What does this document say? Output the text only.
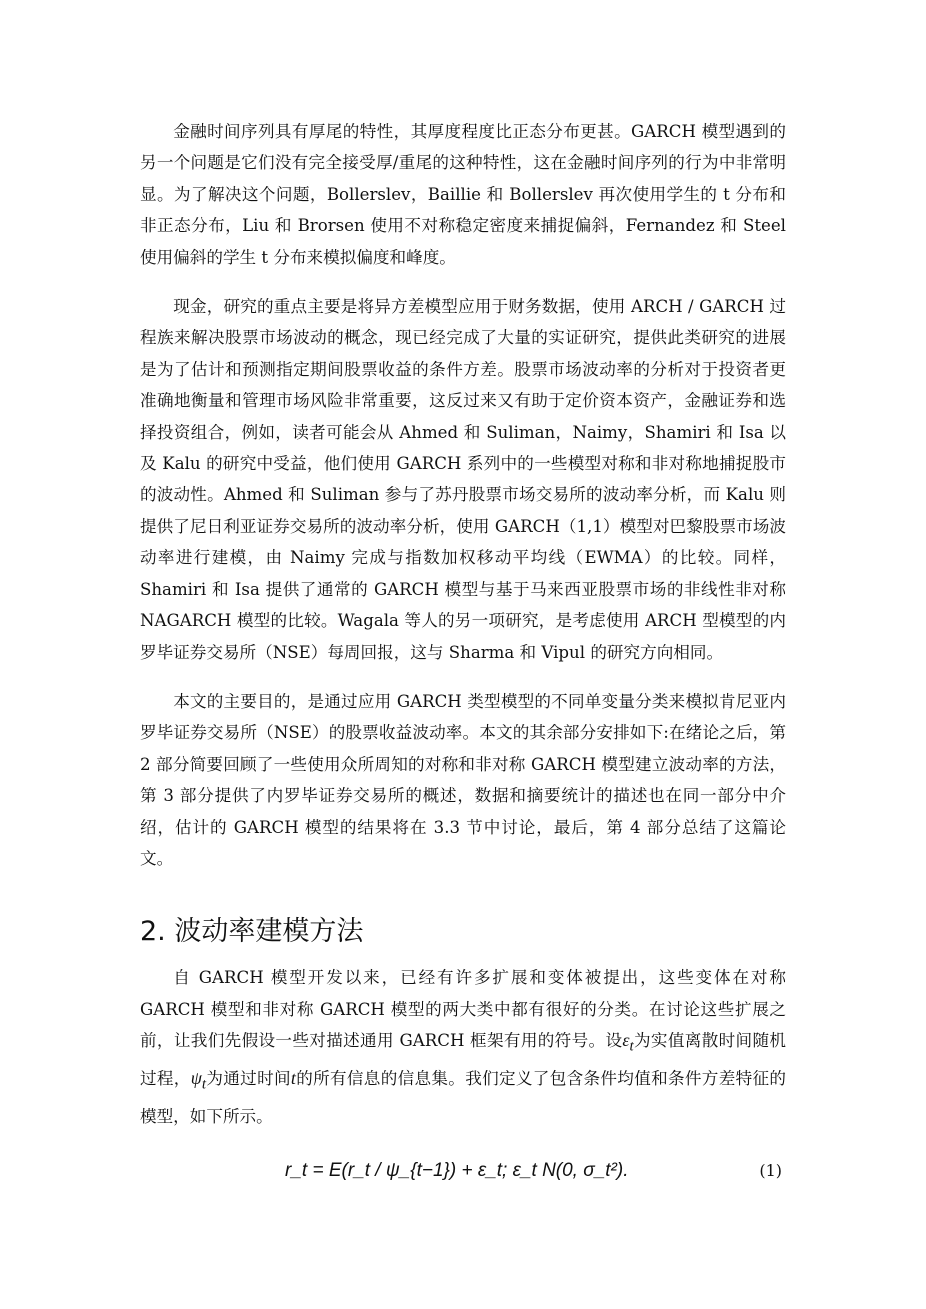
金融时间序列具有厚尾的特性，其厚度程度比正态分布更甚。GARCH 模型遇到的另一个问题是它们没有完全接受厚/重尾的这种特性，这在金融时间序列的行为中非常明显。为了解决这个问题，Bollerslev，Baillie 和 Bollerslev 再次使用学生的 t 分布和非正态分布，Liu 和 Brorsen 使用不对称稳定密度来捕捉偏斜，Fernandez 和 Steel 使用偏斜的学生 t 分布来模拟偏度和峰度。

现金，研究的重点主要是将异方差模型应用于财务数据，使用 ARCH / GARCH 过程族来解决股票市场波动的概念，现已经完成了大量的实证研究，提供此类研究的进展是为了估计和预测指定期间股票收益的条件方差。股票市场波动率的分析对于投资者更准确地衡量和管理市场风险非常重要，这反过来又有助于定价资本资产，金融证券和选择投资组合，例如，读者可能会从 Ahmed 和 Suliman，Naimy，Shamiri 和 Isa 以及 Kalu 的研究中受益，他们使用 GARCH 系列中的一些模型对称和非对称地捕捉股市的波动性。Ahmed 和 Suliman 参与了苏丹股票市场交易所的波动率分析，而 Kalu 则提供了尼日利亚证券交易所的波动率分析，使用 GARCH（1,1）模型对巴黎股票市场波动率进行建模，由 Naimy 完成与指数加权移动平均线（EWMA）的比较。同样，Shamiri 和 Isa 提供了通常的 GARCH 模型与基于马来西亚股票市场的非线性非对称 NAGARCH 模型的比较。Wagala 等人的另一项研究，是考虑使用 ARCH 型模型的内罗毕证券交易所（NSE）每周回报，这与 Sharma 和 Vipul 的研究方向相同。

本文的主要目的，是通过应用 GARCH 类型模型的不同单变量分类来模拟肯尼亚内罗毕证券交易所（NSE）的股票收益波动率。本文的其余部分安排如下:在绪论之后，第 2 部分简要回顾了一些使用众所周知的对称和非对称 GARCH 模型建立波动率的方法， 第 3 部分提供了内罗毕证券交易所的概述，数据和摘要统计的描述也在同一部分中介绍，估计的 GARCH 模型的结果将在 3.3 节中讨论，最后，第 4 部分总结了这篇论文。

2. 波动率建模方法

自 GARCH 模型开发以来，已经有许多扩展和变体被提出，这些变体在对称 GARCH 模型和非对称 GARCH 模型的两大类中都有很好的分类。在讨论这些扩展之前，让我们先假设一些对描述通用 GARCH 框架有用的符号。设$\varepsilon_t$为实值离散时间随机过程，$\psi_t$为通过时间t的所有信息的信息集。我们定义了包含条件均值和条件方差特征的模型，如下所示。

r_t = E(r_t / ψ_{t−1}) + ε_t; ε_t N(0, σ_t²).	(1)
